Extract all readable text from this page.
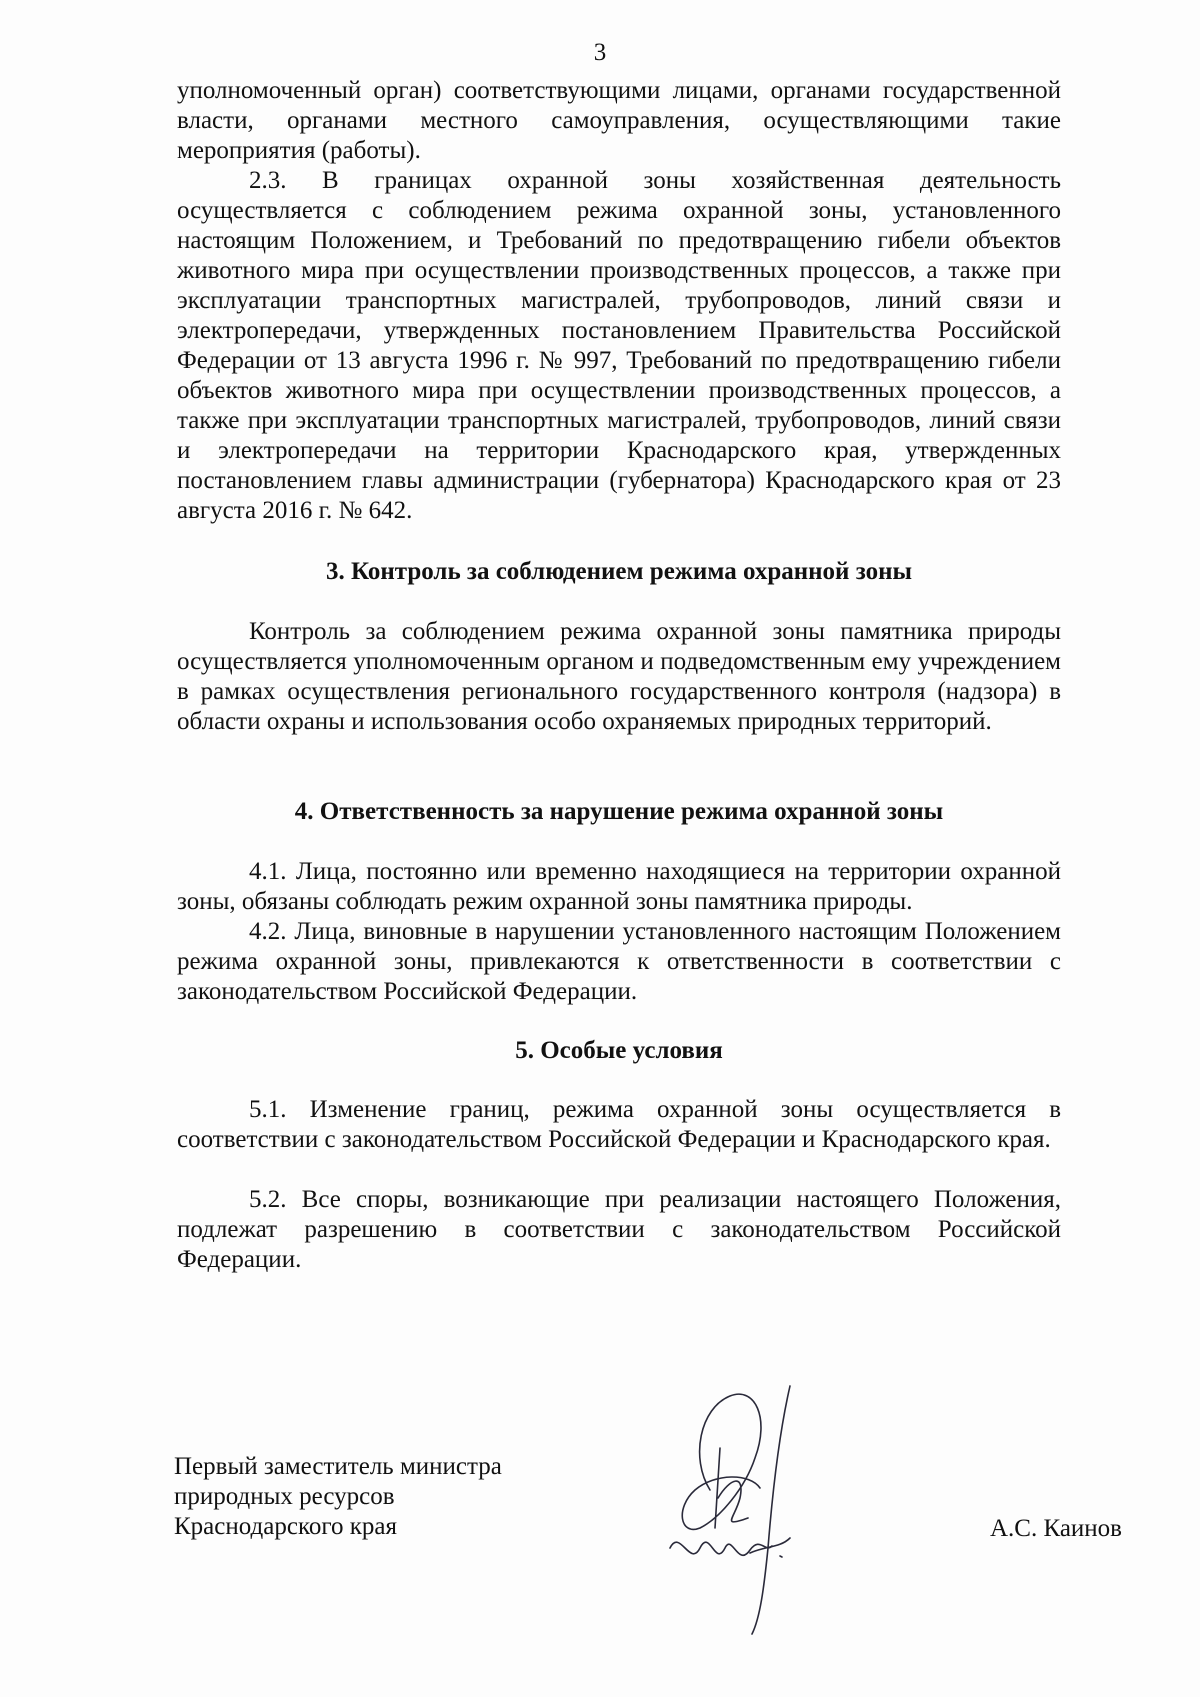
3
уполномоченный орган) соответствующими лицами, органами государственной власти, органами местного самоуправления, осуществляющими такие мероприятия (работы).
2.3. В границах охранной зоны хозяйственная деятельность осуществляется с соблюдением режима охранной зоны, установленного настоящим Положением, и Требований по предотвращению гибели объектов животного мира при осуществлении производственных процессов, а также при эксплуатации транспортных магистралей, трубопроводов, линий связи и электропередачи, утвержденных постановлением Правительства Российской Федерации от 13 августа 1996 г. № 997, Требований по предотвращению гибели объектов животного мира при осуществлении производственных процессов, а также при эксплуатации транспортных магистралей, трубопроводов, линий связи и электропередачи на территории Краснодарского края, утвержденных постановлением главы администрации (губернатора) Краснодарского края от 23 августа 2016 г. № 642.
3. Контроль за соблюдением режима охранной зоны
Контроль за соблюдением режима охранной зоны памятника природы осуществляется уполномоченным органом и подведомственным ему учреждением в рамках осуществления регионального государственного контроля (надзора) в области охраны и использования особо охраняемых природных территорий.
4. Ответственность за нарушение режима охранной зоны
4.1. Лица, постоянно или временно находящиеся на территории охранной зоны, обязаны соблюдать режим охранной зоны памятника природы.
4.2. Лица, виновные в нарушении установленного настоящим Положением режима охранной зоны, привлекаются к ответственности в соответствии с законодательством Российской Федерации.
5. Особые условия
5.1. Изменение границ, режима охранной зоны осуществляется в соответствии с законодательством Российской Федерации и Краснодарского края.
5.2. Все споры, возникающие при реализации настоящего Положения, подлежат разрешению в соответствии с законодательством Российской Федерации.
Первый заместитель министра
природных ресурсов
Краснодарского края	А.С. Каинов
